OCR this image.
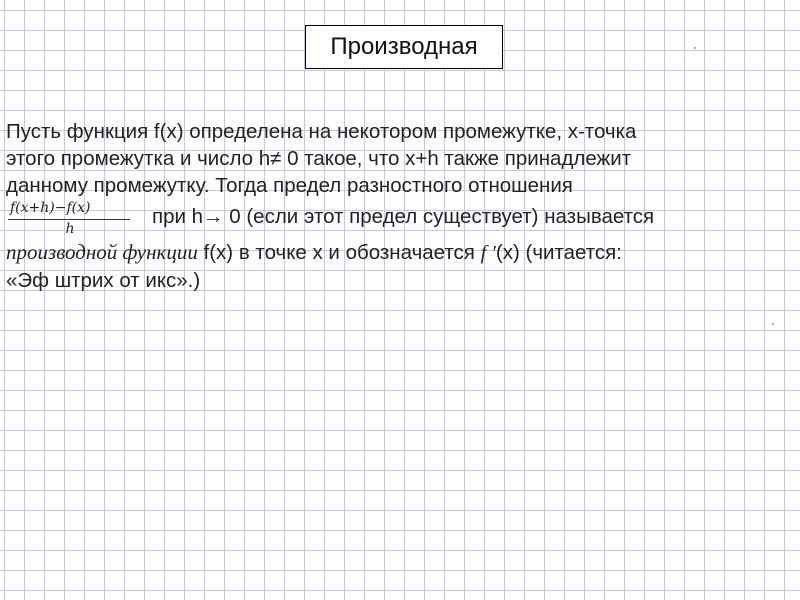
Производная
Пусть функция f(x) определена на некотором промежутке, х-точка
этого промежутка и число h≠ 0 такое, что x+h также принадлежит
данному промежутку. Тогда предел разностного отношения
f(x+h)−f(x)
h
при h→ 0 (если этот предел существует) называется
производной функции f(x) в точке х и обозначается f ′(x) (читается:
«Эф штрих от икс».)
